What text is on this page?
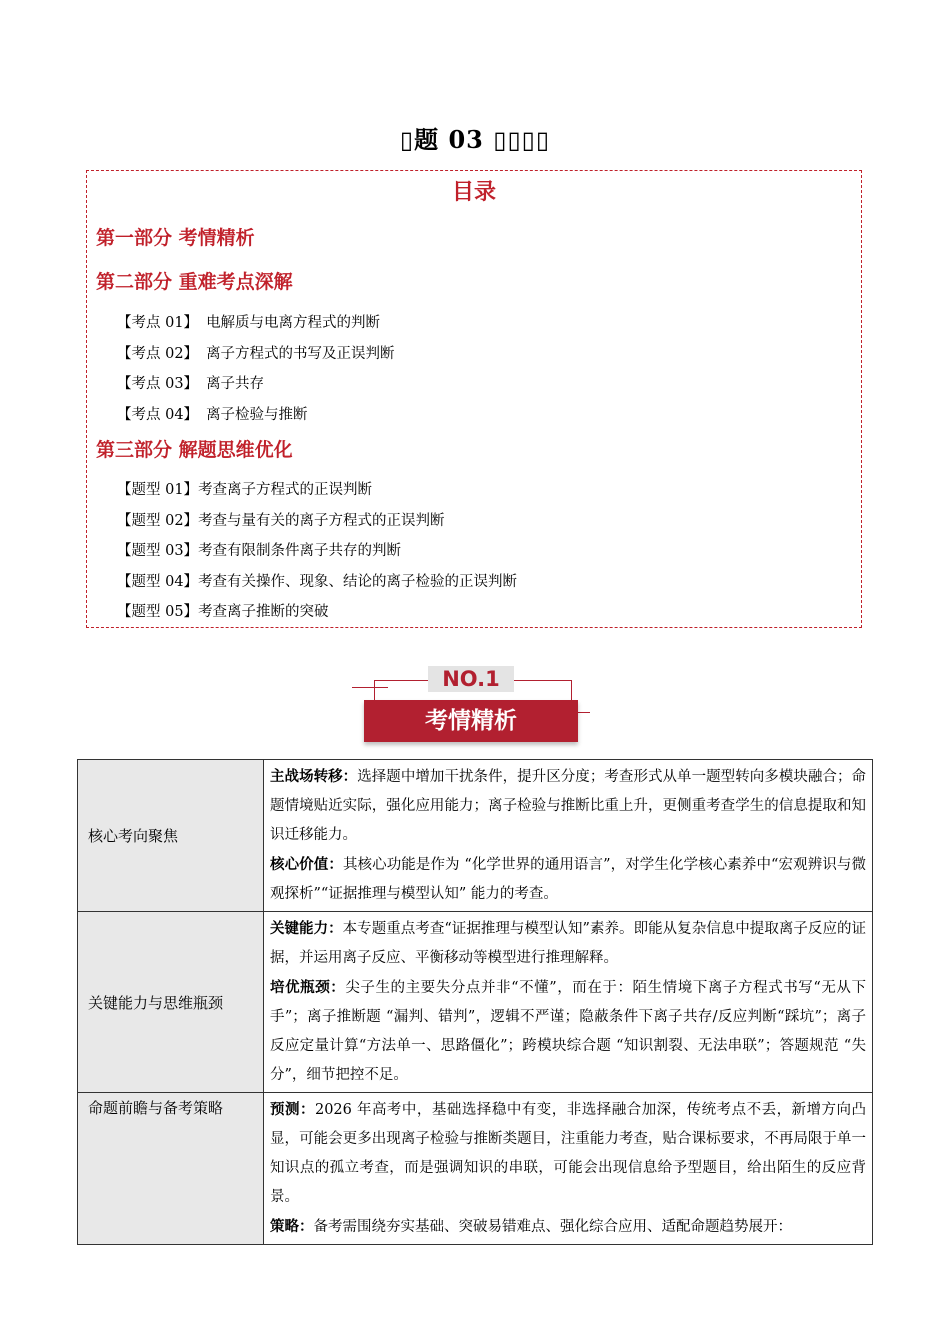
▯题 03 ▯▯▯▯
目录
第一部分 考情精析
第二部分 重难考点深解
【考点 01】 电解质与电离方程式的判断
【考点 02】 离子方程式的书写及正误判断
【考点 03】 离子共存
【考点 04】 离子检验与推断
第三部分 解题思维优化
【题型 01】考查离子方程式的正误判断
【题型 02】考查与量有关的离子方程式的正误判断
【题型 03】考查有限制条件离子共存的判断
【题型 04】考查有关操作、现象、结论的离子检验的正误判断
【题型 05】考查离子推断的突破
NO.1
考情精析
核心考向聚焦	主战场转移：选择题中增加干扰条件，提升区分度；考查形式从单一题型转向多模块融合；命题情境贴近实际，强化应用能力；离子检验与推断比重上升，更侧重考查学生的信息提取和知识迁移能力。

核心价值：其核心功能是作为 “化学世界的通用语言”，对学生化学核心素养中“宏观辨识与微观探析”“证据推理与模型认知” 能力的考查。

关键能力与思维瓶颈	关键能力：本专题重点考查“证据推理与模型认知”素养。即能从复杂信息中提取离子反应的证据，并运用离子反应、平衡移动等模型进行推理解释。

培优瓶颈：尖子生的主要失分点并非“不懂”，而在于：陌生情境下离子方程式书写“无从下手”；离子推断题 “漏判、错判”，逻辑不严谨；隐蔽条件下离子共存/反应判断“踩坑”；离子反应定量计算“方法单一、思路僵化”；跨模块综合题 “知识割裂、无法串联”；答题规范 “失分”，细节把控不足。

命题前瞻与备考策略	预测：2026 年高考中，基础选择稳中有变，非选择融合加深，传统考点不丢，新增方向凸显，可能会更多出现离子检验与推断类题目，注重能力考查，贴合课标要求，不再局限于单一知识点的孤立考查，而是强调知识的串联，可能会出现信息给予型题目，给出陌生的反应背景。

策略：备考需围绕夯实基础、突破易错难点、强化综合应用、适配命题趋势展开：
